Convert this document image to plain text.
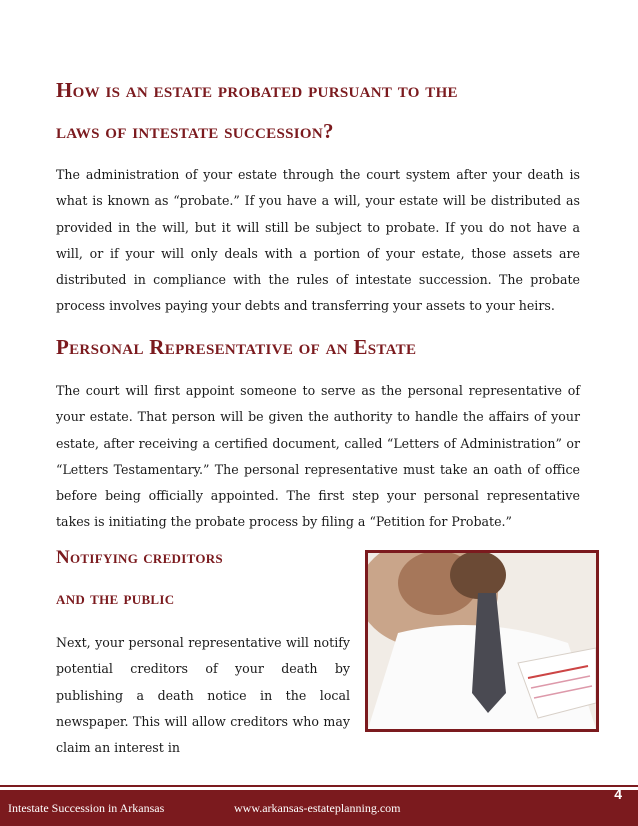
How is an estate probated pursuant to the
laws of intestate succession?

The administration of your estate through the court system after your death is what is known as “probate.” If you have a will, your estate will be distributed as provided in the will, but it will still be subject to probate. If you do not have a will, or if your will only deals with a portion of your estate, those assets are distributed in compliance with the rules of intestate succession. The probate process involves paying your debts and transferring your assets to your heirs.

Personal Representative of an Estate

The court will first appoint someone to serve as the personal representative of your estate. That person will be given the authority to handle the affairs of your estate, after receiving a certified document, called “Letters of Administration” or “Letters Testamentary.” The personal representative must take an oath of office before being officially appointed. The first step your personal representative takes is initiating the probate process by filing a “Petition for Probate.”

Notifying creditors
and the public

Next, your personal representative will notify potential creditors of your death by publishing a death notice in the local newspaper. This will allow creditors who may claim an interest in

4
Intestate Succession in Arkansas	www.arkansas-estateplanning.com
